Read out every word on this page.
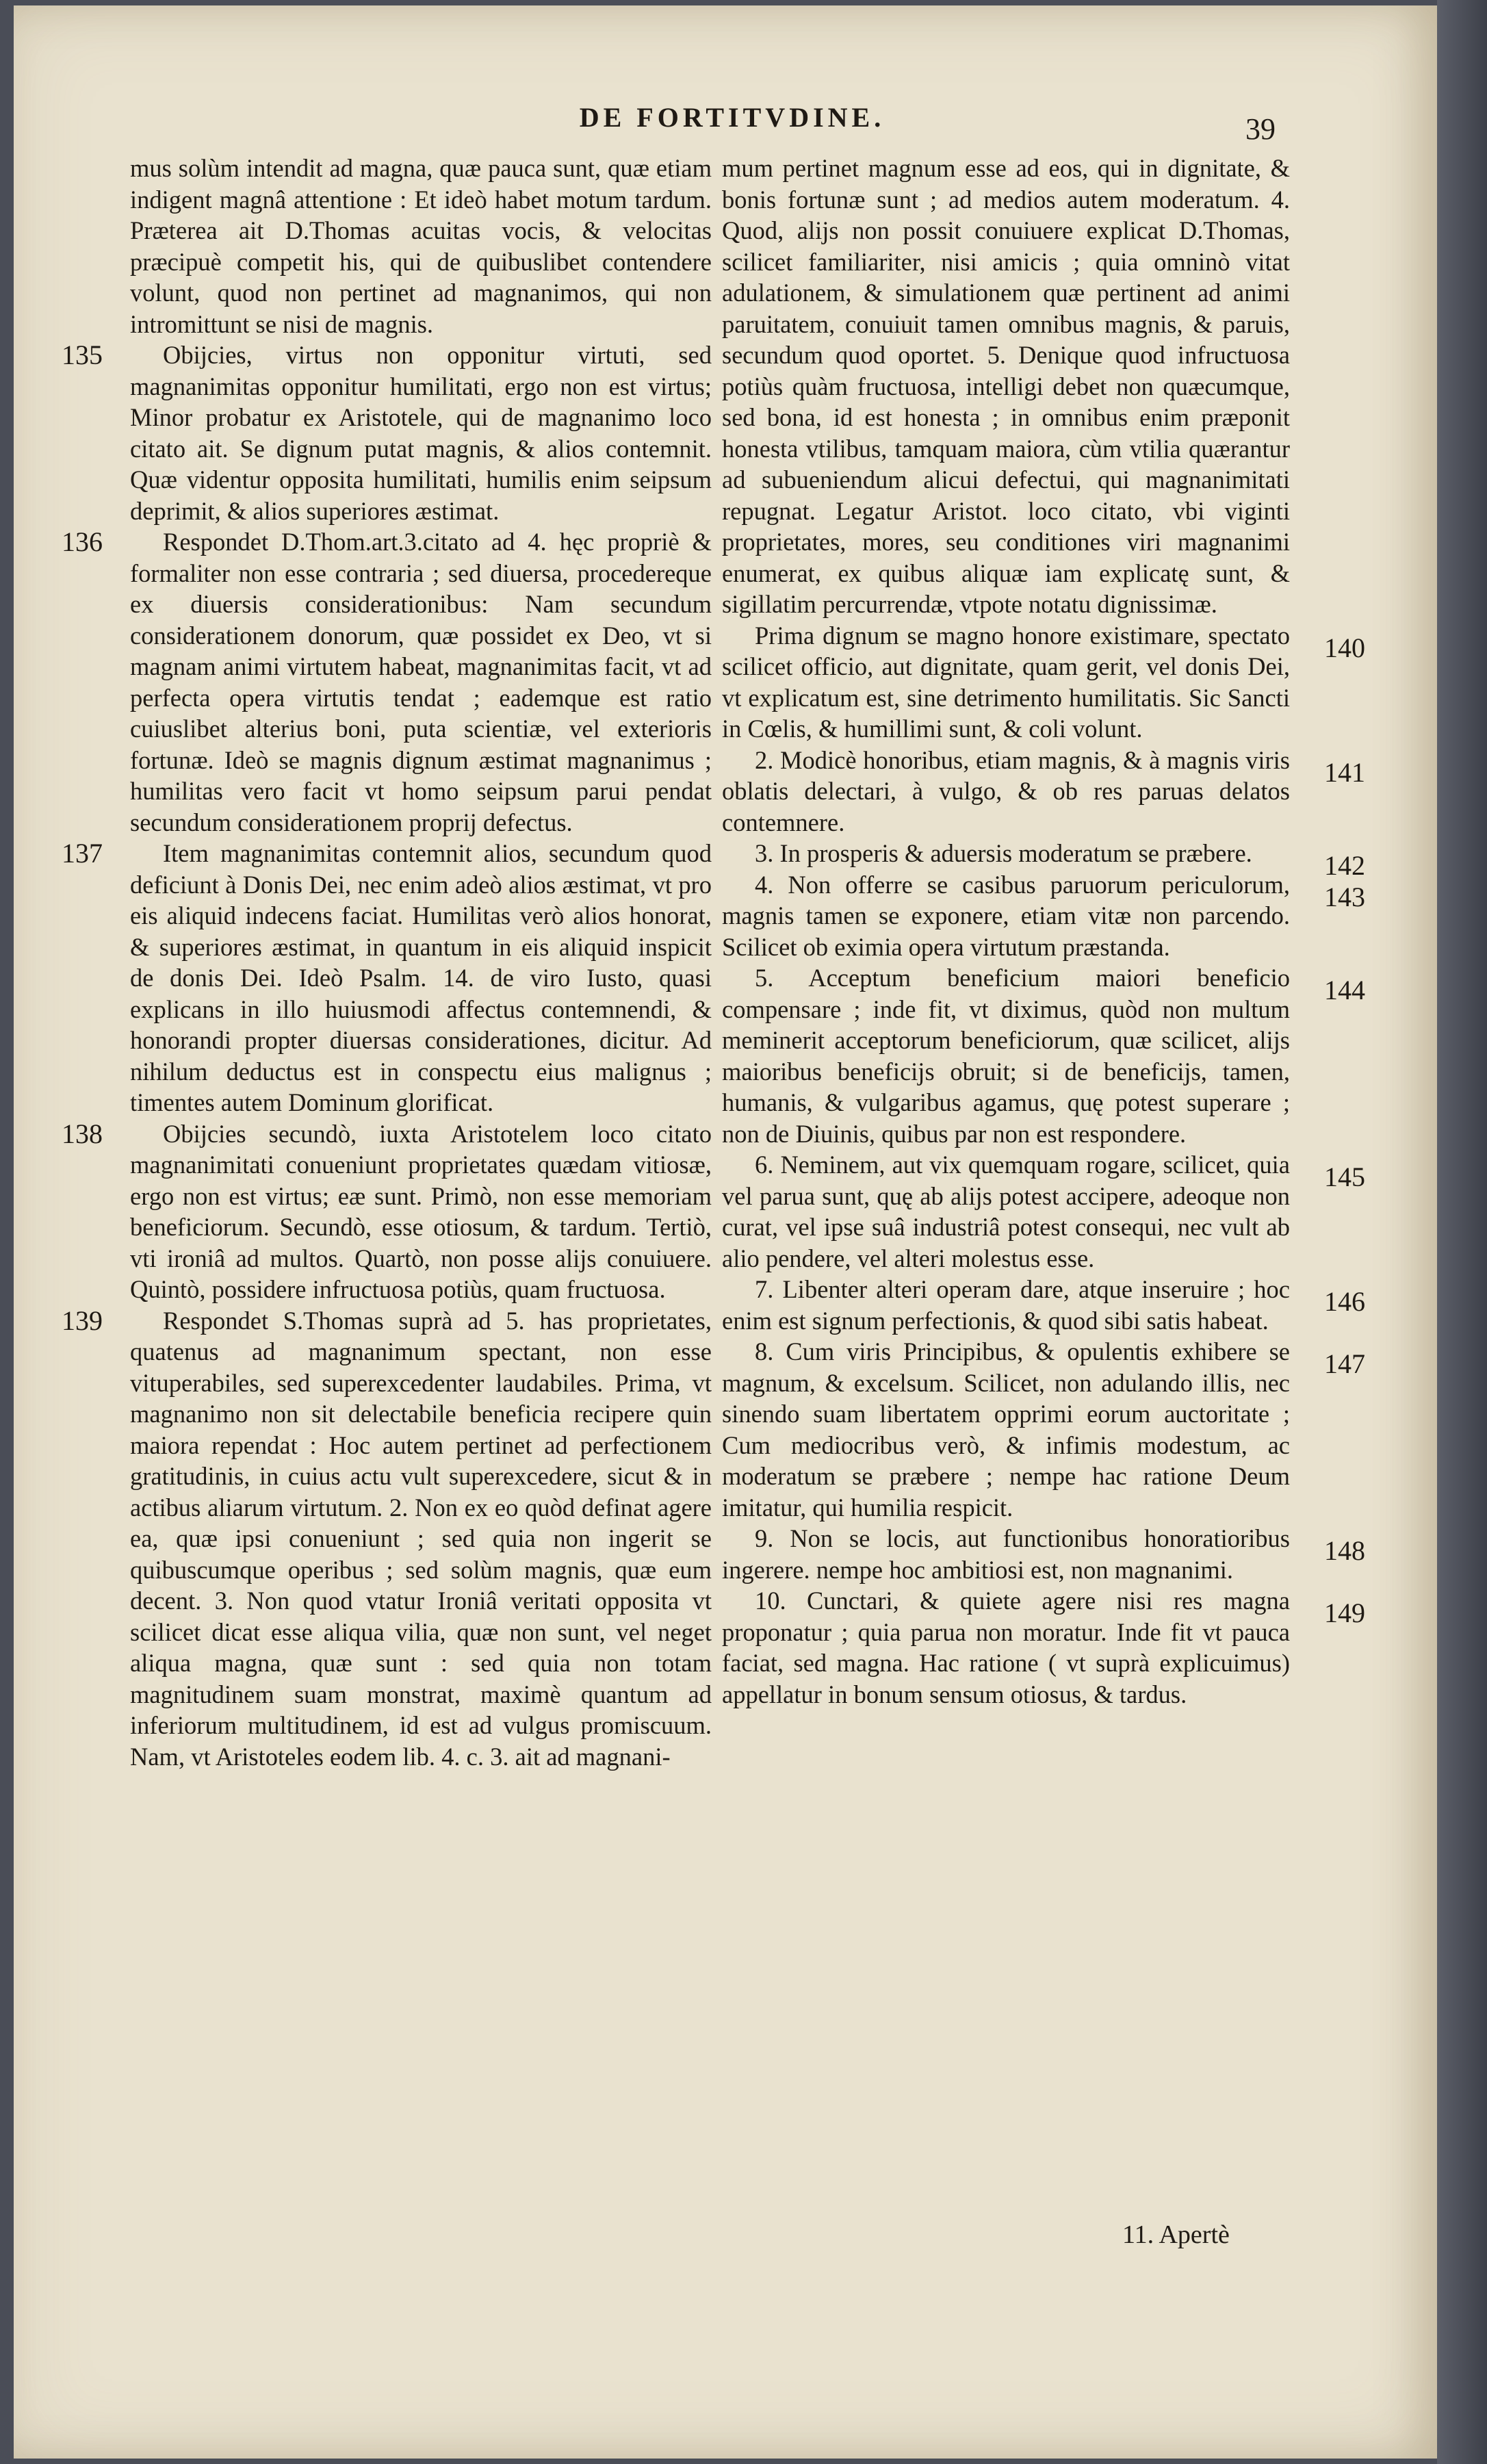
DE FORTITVDINE.	39

mus solùm intendit ad magna, quæ pauca sunt, quæ etiam indigent magnâ attentione : Et ideò habet motum tardum. Præterea ait D.Thomas acuitas vocis, & velocitas præcipuè competit his, qui de quibuslibet contendere volunt, quod non pertinet ad magnanimos, qui non intromittunt se nisi de magnis.

135	Obijcies, virtus non opponitur virtuti, sed magnanimitas opponitur humilitati, ergo non est virtus; Minor probatur ex Aristotele, qui de magnanimo loco citato ait. Se dignum putat magnis, & alios contemnit. Quæ videntur opposita humilitati, humilis enim seipsum deprimit, & alios superiores æstimat.

136	Respondet D.Thom.art.3.citato ad 4. hęc propriè & formaliter non esse contraria ; sed diuersa, procedereque ex diuersis considerationibus: Nam secundum considerationem donorum, quæ possidet ex Deo, vt si magnam animi virtutem habeat, magnanimitas facit, vt ad perfecta opera virtutis tendat ; eademque est ratio cuiuslibet alterius boni, puta scientiæ, vel exterioris fortunæ. Ideò se magnis dignum æstimat magnanimus ; humilitas vero facit vt homo seipsum parui pendat secundum considerationem proprij defectus.

137	Item magnanimitas contemnit alios, secundum quod deficiunt à Donis Dei, nec enim adeò alios æstimat, vt pro eis aliquid indecens faciat. Humilitas verò alios honorat, & superiores æstimat, in quantum in eis aliquid inspicit de donis Dei. Ideò Psalm. 14. de viro Iusto, quasi explicans in illo huiusmodi affectus contemnendi, & honorandi propter diuersas considerationes, dicitur. Ad nihilum deductus est in conspectu eius malignus ; timentes autem Dominum glorificat.

138	Obijcies secundò, iuxta Aristotelem loco citato magnanimitati conueniunt proprietates quædam vitiosæ, ergo non est virtus; eæ sunt. Primò, non esse memoriam beneficiorum. Secundò, esse otiosum, & tardum. Tertiò, vti ironiâ ad multos. Quartò, non posse alijs conuiuere. Quintò, possidere infructuosa potiùs, quam fructuosa.

139	Respondet S.Thomas suprà ad 5. has proprietates, quatenus ad magnanimum spectant, non esse vituperabiles, sed superexcedenter laudabiles. Prima, vt magnanimo non sit delectabile beneficia recipere quin maiora rependat : Hoc autem pertinet ad perfectionem gratitudinis, in cuius actu vult superexcedere, sicut & in actibus aliarum virtutum. 2. Non ex eo quòd definat agere ea, quæ ipsi conueniunt ; sed quia non ingerit se quibuscumque operibus ; sed solùm magnis, quæ eum decent. 3. Non quod vtatur Ironiâ veritati opposita vt scilicet dicat esse aliqua vilia, quæ non sunt, vel neget aliqua magna, quæ sunt : sed quia non totam magnitudinem suam monstrat, maximè quantum ad inferiorum multitudinem, id est ad vulgus promiscuum. Nam, vt Aristoteles eodem lib. 4. c. 3. ait ad magnani-

mum pertinet magnum esse ad eos, qui in dignitate, & bonis fortunæ sunt ; ad medios autem moderatum. 4. Quod, alijs non possit conuiuere explicat D.Thomas, scilicet familiariter, nisi amicis ; quia omninò vitat adulationem, & simulationem quæ pertinent ad animi paruitatem, conuiuit tamen omnibus magnis, & paruis, secundum quod oportet. 5. Denique quod infructuosa potiùs quàm fructuosa, intelligi debet non quæcumque, sed bona, id est honesta ; in omnibus enim præponit honesta vtilibus, tamquam maiora, cùm vtilia quærantur ad subueniendum alicui defectui, qui magnanimitati repugnat. Legatur Aristot. loco citato, vbi viginti proprietates, mores, seu conditiones viri magnanimi enumerat, ex quibus aliquæ iam explicatę sunt, & sigillatim percurrendæ, vtpote notatu dignissimæ.

140

Prima dignum se magno honore existimare, spectato scilicet officio, aut dignitate, quam gerit, vel donis Dei, vt explicatum est, sine detrimento humilitatis. Sic Sancti in Cœlis, & humillimi sunt, & coli volunt.

141

2. Modicè honoribus, etiam magnis, & à magnis viris oblatis delectari, à vulgo, & ob res paruas delatos contemnere.

142

3. In prosperis & aduersis moderatum se præbere.

143

4. Non offerre se casibus paruorum periculorum, magnis tamen se exponere, etiam vitæ non parcendo. Scilicet ob eximia opera virtutum præstanda.

144

5. Acceptum beneficium maiori beneficio compensare ; inde fit, vt diximus, quòd non multum meminerit acceptorum beneficiorum, quæ scilicet, alijs maioribus beneficijs obruit; si de beneficijs, tamen, humanis, & vulgaribus agamus, quę potest superare ; non de Diuinis, quibus par non est respondere.

145

6. Neminem, aut vix quemquam rogare, scilicet, quia vel parua sunt, quę ab alijs potest accipere, adeoque non curat, vel ipse suâ industriâ potest consequi, nec vult ab alio pendere, vel alteri molestus esse.

146

7. Libenter alteri operam dare, atque inseruire ; hoc enim est signum perfectionis, & quod sibi satis habeat.

147

8. Cum viris Principibus, & opulentis exhibere se magnum, & excelsum. Scilicet, non adulando illis, nec sinendo suam libertatem opprimi eorum auctoritate ; Cum mediocribus verò, & infimis modestum, ac moderatum se præbere ; nempe hac ratione Deum imitatur, qui humilia respicit.

148

9. Non se locis, aut functionibus honoratioribus ingerere. nempe hoc ambitiosi est, non magnanimi.

149

10. Cunctari, & quiete agere nisi res magna proponatur ; quia parua non moratur. Inde fit vt pauca faciat, sed magna. Hac ratione ( vt suprà explicuimus) appellatur in bonum sensum otiosus, & tardus.

11. Apertè
